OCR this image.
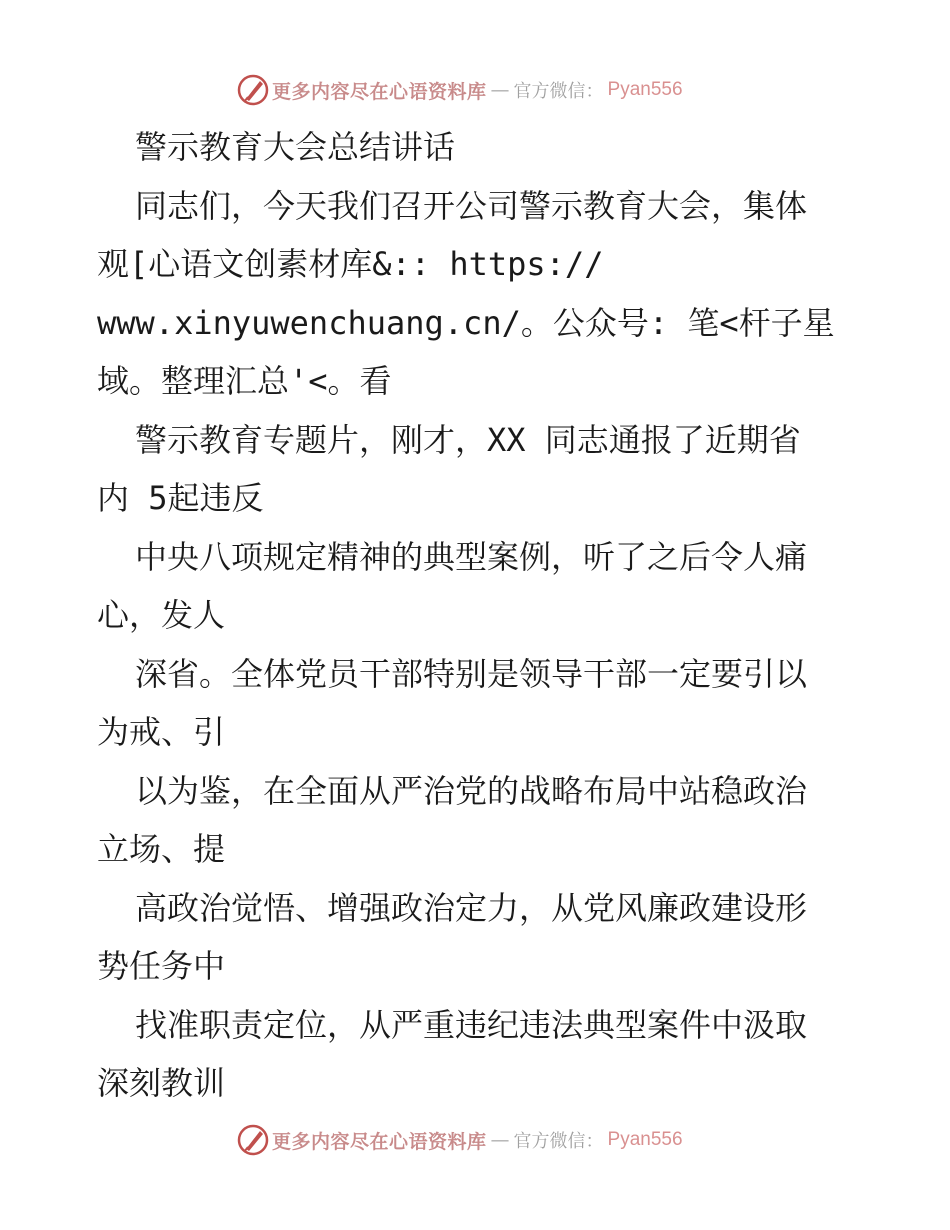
更多内容尽在心语资料库 — 官方微信： Pyan556
警示教育大会总结讲话
同志们，今天我们召开公司警示教育大会，集体
观[心语文创素材库&:: https://
www.xinyuwenchuang.cn/。公众号: 笔<杆子星
域。整理汇总'<。看
警示教育专题片，刚才，XX 同志通报了近期省
内 5起违反
中央八项规定精神的典型案例，听了之后令人痛
心，发人
深省。全体党员干部特别是领导干部一定要引以
为戒、引
以为鉴，在全面从严治党的战略布局中站稳政治
立场、提
高政治觉悟、增强政治定力，从党风廉政建设形
势任务中
找准职责定位，从严重违纪违法典型案件中汲取
深刻教训
更多内容尽在心语资料库 — 官方微信： Pyan556
